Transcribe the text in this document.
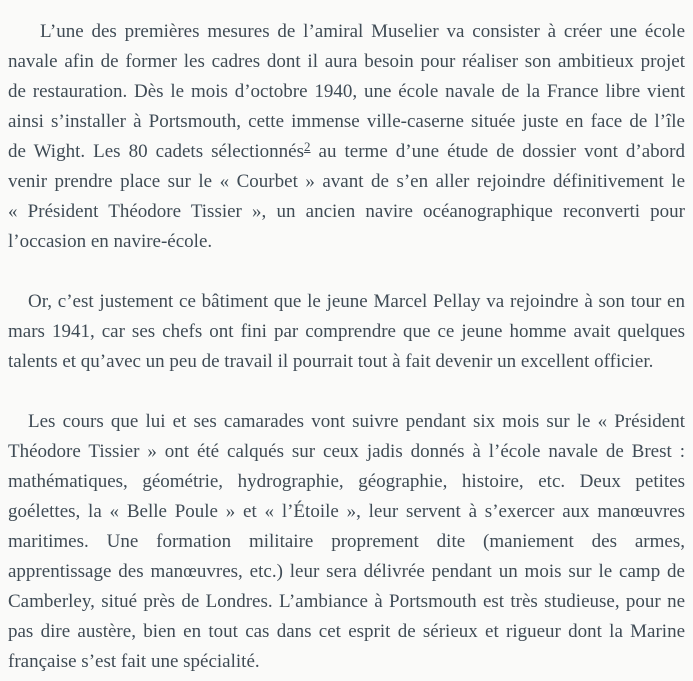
L’une des premières mesures de l’amiral Muselier va consister à créer une école
navale afin de former les cadres dont il aura besoin pour réaliser son ambitieux projet
de restauration. Dès le mois d’octobre 1940, une école navale de la France libre vient
ainsi s’installer à Portsmouth, cette immense ville-caserne située juste en face de l’île
de Wight. Les 80 cadets sélectionnés2 au terme d’une étude de dossier vont d’abord
venir prendre place sur le « Courbet » avant de s’en aller rejoindre définitivement le
« Président Théodore Tissier », un ancien navire océanographique reconverti pour
l’occasion en navire-école.
Or, c’est justement ce bâtiment que le jeune Marcel Pellay va rejoindre à son tour en
mars 1941, car ses chefs ont fini par comprendre que ce jeune homme avait quelques
talents et qu’avec un peu de travail il pourrait tout à fait devenir un excellent officier.
Les cours que lui et ses camarades vont suivre pendant six mois sur le « Président
Théodore Tissier » ont été calqués sur ceux jadis donnés à l’école navale de Brest :
mathématiques, géométrie, hydrographie, géographie, histoire, etc. Deux petites
goélettes, la « Belle Poule » et « l’Étoile », leur servent à s’exercer aux manœuvres
maritimes. Une formation militaire proprement dite (maniement des armes,
apprentissage des manœuvres, etc.) leur sera délivrée pendant un mois sur le camp de
Camberley, situé près de Londres. L’ambiance à Portsmouth est très studieuse, pour ne
pas dire austère, bien en tout cas dans cet esprit de sérieux et rigueur dont la Marine
française s’est fait une spécialité.
